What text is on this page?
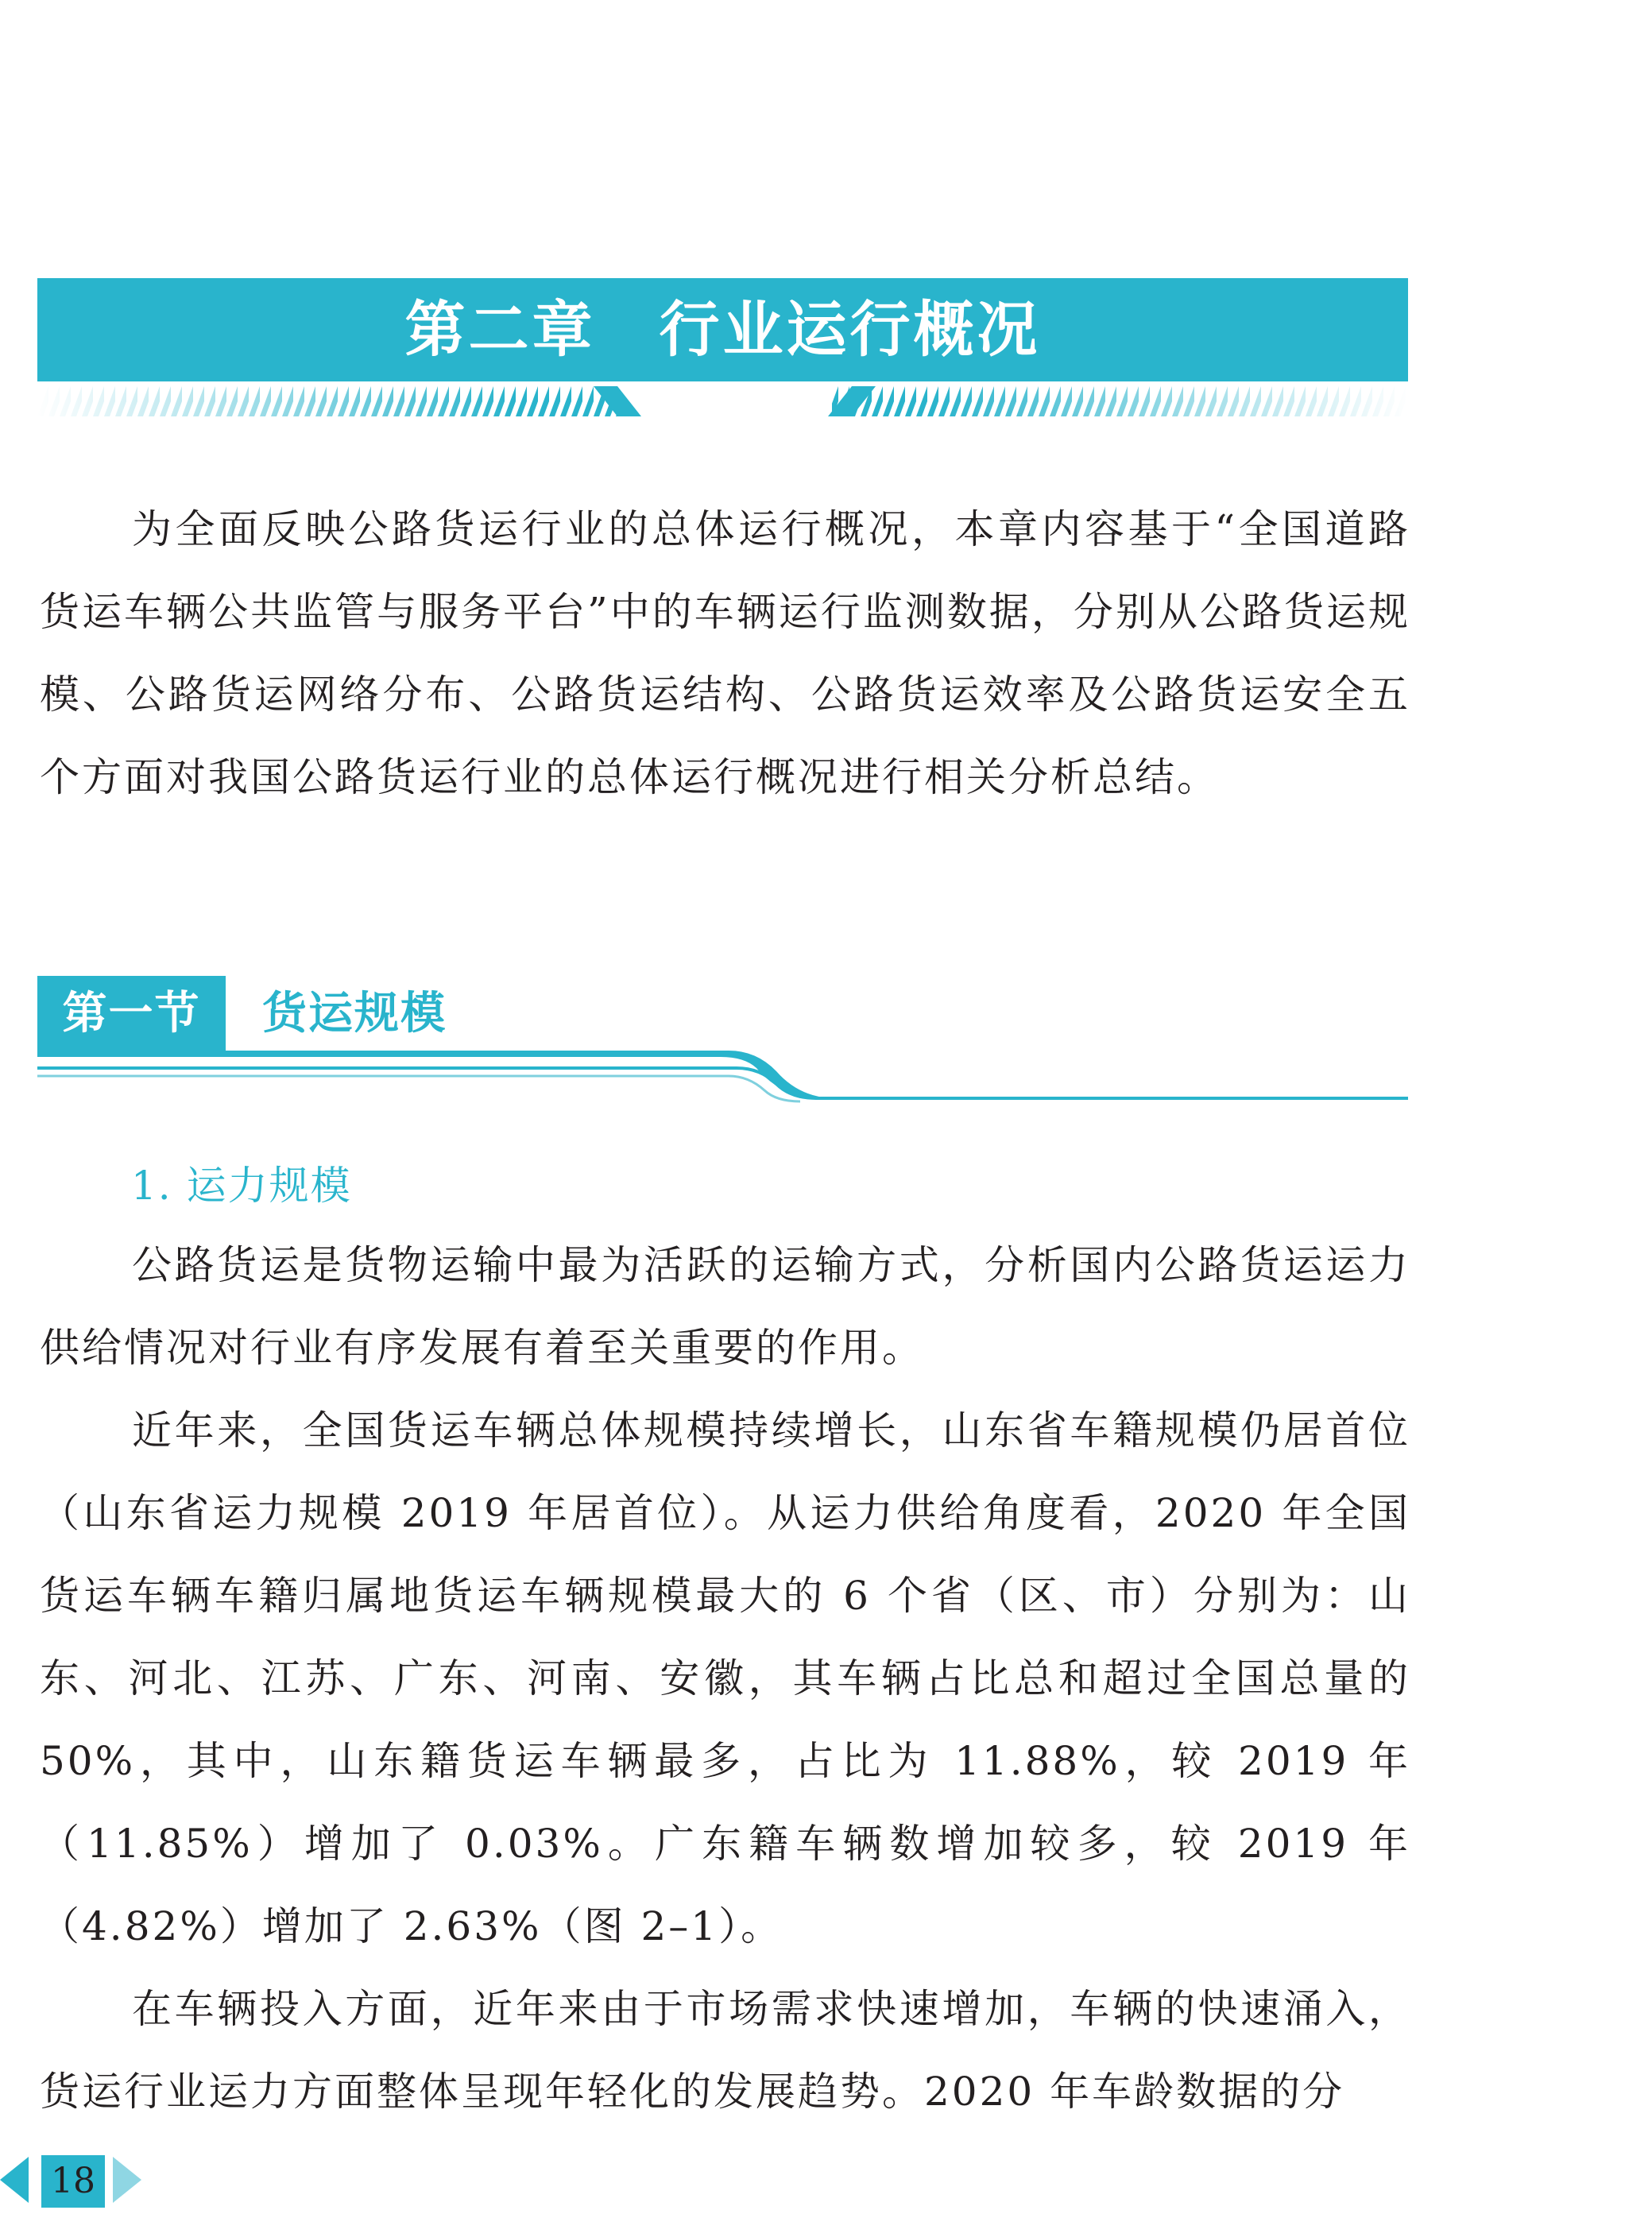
第二章　行业运行概况

为全面反映公路货运行业的总体运行概况，本章内容基于“全国道路货运车辆公共监管与服务平台”中的车辆运行监测数据，分别从公路货运规模、公路货运网络分布、公路货运结构、公路货运效率及公路货运安全五个方面对我国公路货运行业的总体运行概况进行相关分析总结。

第一节	货运规模
1. 运力规模

公路货运是货物运输中最为活跃的运输方式，分析国内公路货运运力供给情况对行业有序发展有着至关重要的作用。

近年来，全国货运车辆总体规模持续增长，山东省车籍规模仍居首位（山东省运力规模 2019 年居首位）。从运力供给角度看，2020 年全国货运车辆车籍归属地货运车辆规模最大的 6 个省（区、市）分别为：山东、河北、江苏、广东、河南、安徽，其车辆占比总和超过全国总量的 50%，其中，山东籍货运车辆最多，占比为 11.88%，较 2019 年（11.85%）增加了 0.03%。广东籍车辆数增加较多，较 2019 年（4.82%）增加了 2.63%（图 2–1）。

在车辆投入方面，近年来由于市场需求快速增加，车辆的快速涌入，货运行业运力方面整体呈现年轻化的发展趋势。2020 年车龄数据的分

18
